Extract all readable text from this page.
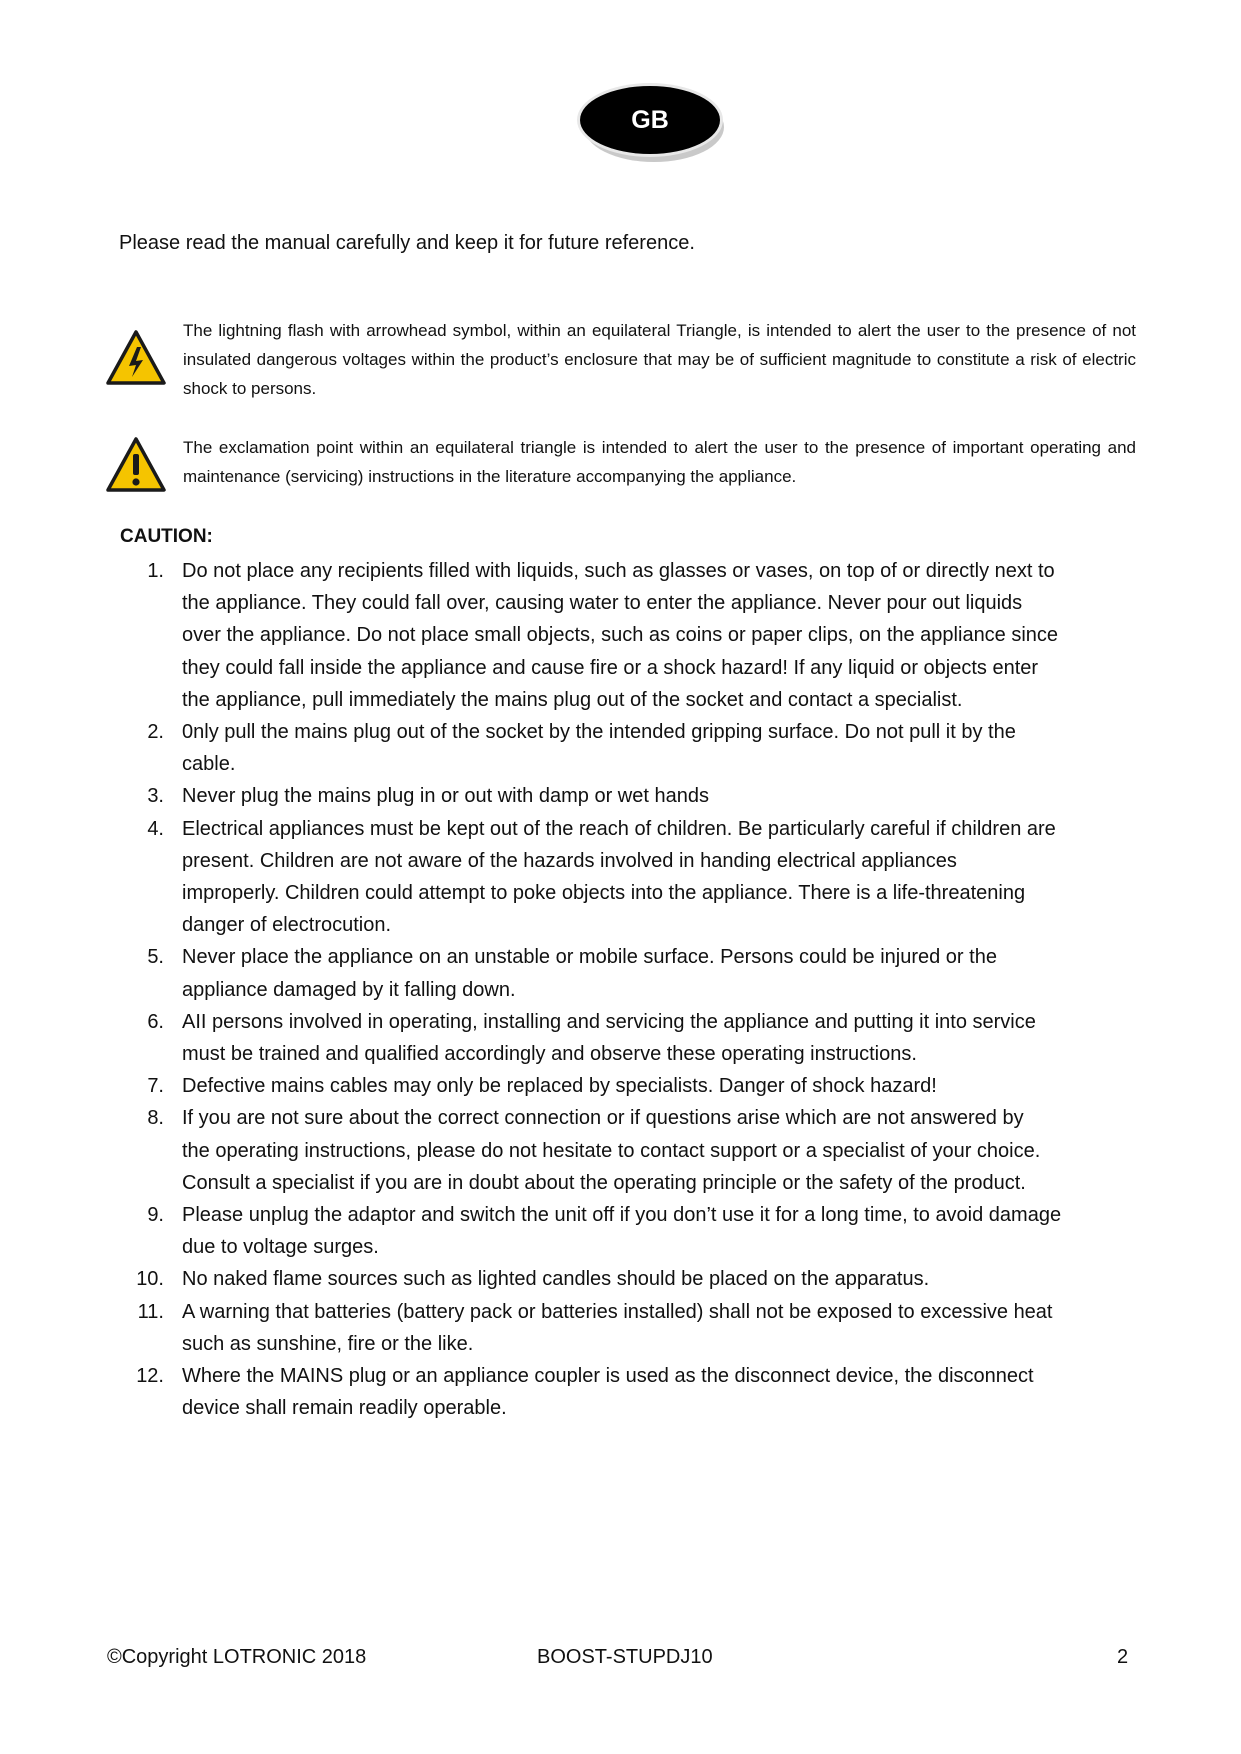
GB
Please read the manual carefully and keep it for future reference.
The lightning flash with arrowhead symbol, within an equilateral Triangle, is intended to alert the user to the presence of not insulated dangerous voltages within the product’s enclosure that may be of sufficient magnitude to constitute a risk of electric shock to persons.
The exclamation point within an equilateral triangle is intended to alert the user to the presence of important operating and maintenance (servicing) instructions in the literature accompanying the appliance.
CAUTION:
1. Do not place any recipients filled with liquids, such as glasses or vases, on top of or directly next to
the appliance. They could fall over, causing water to enter the appliance. Never pour out liquids
over the appliance. Do not place small objects, such as coins or paper clips, on the appliance since
they could fall inside the appliance and cause fire or a shock hazard! If any liquid or objects enter
the appliance, pull immediately the mains plug out of the socket and contact a specialist.
2. 0nly pull the mains plug out of the socket by the intended gripping surface. Do not pull it by the
cable.
3. Never plug the mains plug in or out with damp or wet hands
4. Electrical appliances must be kept out of the reach of children. Be particularly careful if children are
present. Children are not aware of the hazards involved in handing electrical appliances
improperly. Children could attempt to poke objects into the appliance. There is a life-threatening
danger of electrocution.
5. Never place the appliance on an unstable or mobile surface. Persons could be injured or the
appliance damaged by it falling down.
6. AII persons involved in operating, installing and servicing the appliance and putting it into service
must be trained and qualified accordingly and observe these operating instructions.
7. Defective mains cables may only be replaced by specialists. Danger of shock hazard!
8. If you are not sure about the correct connection or if questions arise which are not answered by
the operating instructions, please do not hesitate to contact support or a specialist of your choice.
Consult a specialist if you are in doubt about the operating principle or the safety of the product.
9. Please unplug the adaptor and switch the unit off if you don’t use it for a long time, to avoid damage
due to voltage surges.
10. No naked flame sources such as lighted candles should be placed on the apparatus.
11. A warning that batteries (battery pack or batteries installed) shall not be exposed to excessive heat
such as sunshine, fire or the like.
12. Where the MAINS plug or an appliance coupler is used as the disconnect device, the disconnect
device shall remain readily operable.
©Copyright LOTRONIC 2018	BOOST-STUPDJ10	2
